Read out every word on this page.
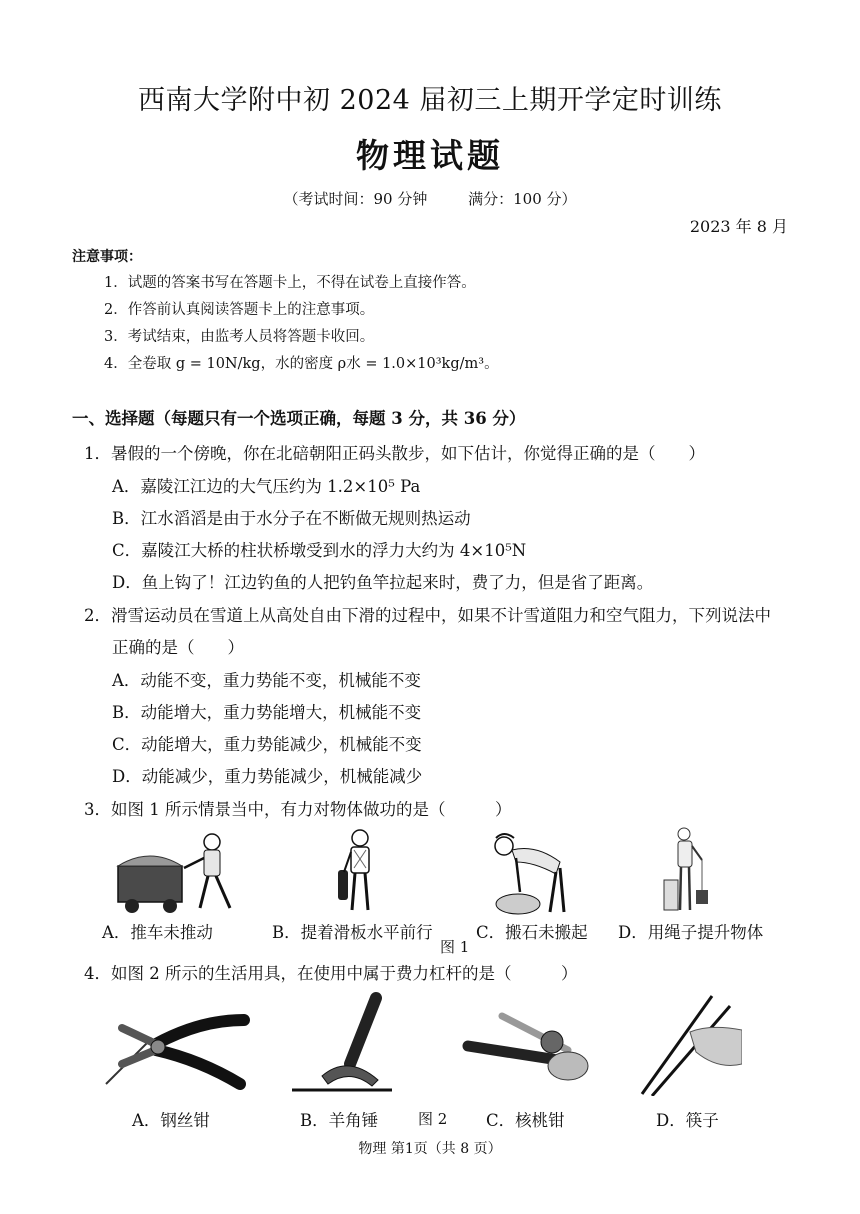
西南大学附中初 2024 届初三上期开学定时训练
物理试题
（考试时间：90 分钟	满分：100 分）
2023 年 8 月
注意事项：
1．试题的答案书写在答题卡上，不得在试卷上直接作答。
2．作答前认真阅读答题卡上的注意事项。
3．考试结束，由监考人员将答题卡收回。
4．全卷取 g = 10N/kg，水的密度 ρ水 = 1.0×10³kg/m³。
一、选择题（每题只有一个选项正确，每题 3 分，共 36 分）
1．暑假的一个傍晚，你在北碚朝阳正码头散步，如下估计，你觉得正确的是（　　）
A．嘉陵江江边的大气压约为 1.2×10⁵ Pa
B．江水滔滔是由于水分子在不断做无规则热运动
C．嘉陵江大桥的柱状桥墩受到水的浮力大约为 4×10⁵N
D．鱼上钩了！江边钓鱼的人把钓鱼竿拉起来时，费了力，但是省了距离。
2．滑雪运动员在雪道上从高处自由下滑的过程中，如果不计雪道阻力和空气阻力，下列说法中
正确的是（　　）
A．动能不变，重力势能不变，机械能不变
B．动能增大，重力势能增大，机械能不变
C．动能增大，重力势能减少，机械能不变
D．动能减少，重力势能减少，机械能减少
3．如图 1 所示情景当中，有力对物体做功的是（　　　）
A．推车未推动	B．提着滑板水平前行	C．搬石未搬起 D．用绳子提升物体
图 1
4．如图 2 所示的生活用具，在使用中属于费力杠杆的是（　　　）
A．钢丝钳	B．羊角锤	图 2 C．核桃钳	D．筷子
物理 第1页（共 8 页）
